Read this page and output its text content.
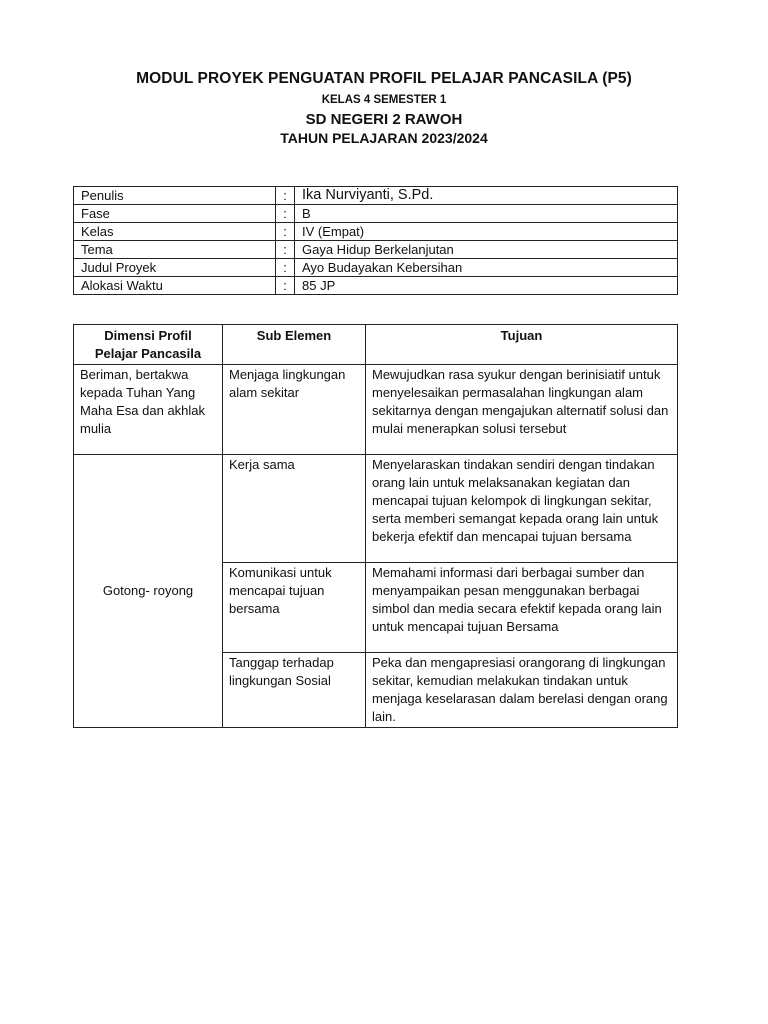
MODUL PROYEK PENGUATAN PROFIL PELAJAR PANCASILA (P5)
KELAS 4 SEMESTER 1
SD NEGERI 2 RAWOH
TAHUN PELAJARAN 2023/2024
Penulis	:	Ika Nurviyanti, S.Pd.
Fase	:	B
Kelas	:	IV (Empat)
Tema	:	Gaya Hidup Berkelanjutan
Judul Proyek	:	Ayo Budayakan Kebersihan
Alokasi Waktu	:	85 JP
Dimensi Profil
Pelajar Pancasila	Sub Elemen	Tujuan
Beriman, bertakwa kepada Tuhan Yang Maha Esa dan akhlak mulia	Menjaga lingkungan alam sekitar	Mewujudkan rasa syukur dengan berinisiatif untuk menyelesaikan permasalahan lingkungan alam sekitarnya dengan mengajukan alternatif solusi dan mulai menerapkan solusi tersebut
Gotong- royong	Kerja sama	Menyelaraskan tindakan sendiri dengan tindakan orang lain untuk melaksanakan kegiatan dan mencapai tujuan kelompok di lingkungan sekitar, serta memberi semangat kepada orang lain untuk bekerja efektif dan mencapai tujuan bersama
	Komunikasi untuk mencapai tujuan bersama	Memahami informasi dari berbagai sumber dan menyampaikan pesan menggunakan berbagai simbol dan media secara efektif kepada orang lain untuk mencapai tujuan Bersama
	Tanggap terhadap lingkungan Sosial	Peka dan mengapresiasi orangorang di lingkungan sekitar, kemudian melakukan tindakan untuk menjaga keselarasan dalam berelasi dengan orang lain.
